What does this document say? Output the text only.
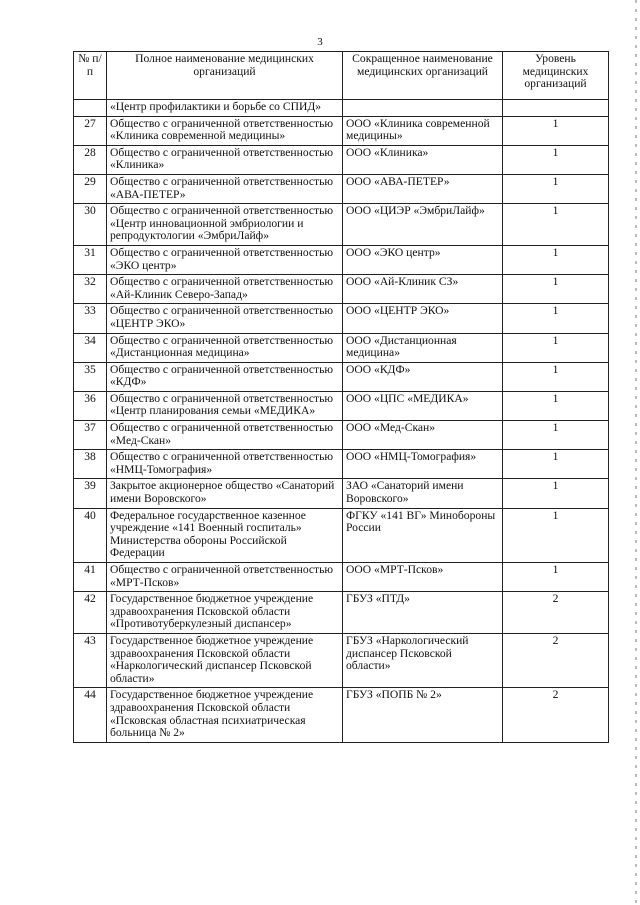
3
№ п/п	Полное наименование медицинских организаций	Сокращенное наименование медицинских организаций	Уровень медицинских организаций
	«Центр профилактики и борьбе со СПИД»		
27	Общество с ограниченной ответственностью «Клиника современной медицины»	ООО «Клиника современной медицины»	1
28	Общество с ограниченной ответственностью «Клиника»	ООО «Клиника»	1
29	Общество с ограниченной ответственностью «АВА-ПЕТЕР»	ООО «АВА-ПЕТЕР»	1
30	Общество с ограниченной ответственностью «Центр инновационной эмбриологии и репродуктологии «ЭмбриЛайф»	ООО «ЦИЭР «ЭмбриЛайф»	1
31	Общество с ограниченной ответственностью «ЭКО центр»	ООО «ЭКО центр»	1
32	Общество с ограниченной ответственностью «Ай-Клиник Северо-Запад»	ООО «Ай-Клиник СЗ»	1
33	Общество с ограниченной ответственностью «ЦЕНТР ЭКО»	ООО «ЦЕНТР ЭКО»	1
34	Общество с ограниченной ответственностью «Дистанционная медицина»	ООО «Дистанционная медицина»	1
35	Общество с ограниченной ответственностью «КДФ»	ООО «КДФ»	1
36	Общество с ограниченной ответственностью «Центр планирования семьи «МЕДИКА»	ООО «ЦПС «МЕДИКА»	1
37	Общество с ограниченной ответственностью «Мед-Скан»	ООО «Мед-Скан»	1
38	Общество с ограниченной ответственностью «НМЦ-Томография»	ООО «НМЦ-Томография»	1
39	Закрытое акционерное общество «Санаторий имени Воровского»	ЗАО «Санаторий имени Воровского»	1
40	Федеральное государственное казенное учреждение «141 Военный госпиталь» Министерства обороны Российской Федерации	ФГКУ «141 ВГ» Минобороны России	1
41	Общество с ограниченной ответственностью «МРТ-Псков»	ООО «МРТ-Псков»	1
42	Государственное бюджетное учреждение здравоохранения Псковской области «Противотуберкулезный диспансер»	ГБУЗ «ПТД»	2
43	Государственное бюджетное учреждение здравоохранения Псковской области «Наркологический диспансер Псковской области»	ГБУЗ «Наркологический диспансер Псковской области»	2
44	Государственное бюджетное учреждение здравоохранения Псковской области «Псковская областная психиатрическая больница № 2»	ГБУЗ «ПОПБ № 2»	2
